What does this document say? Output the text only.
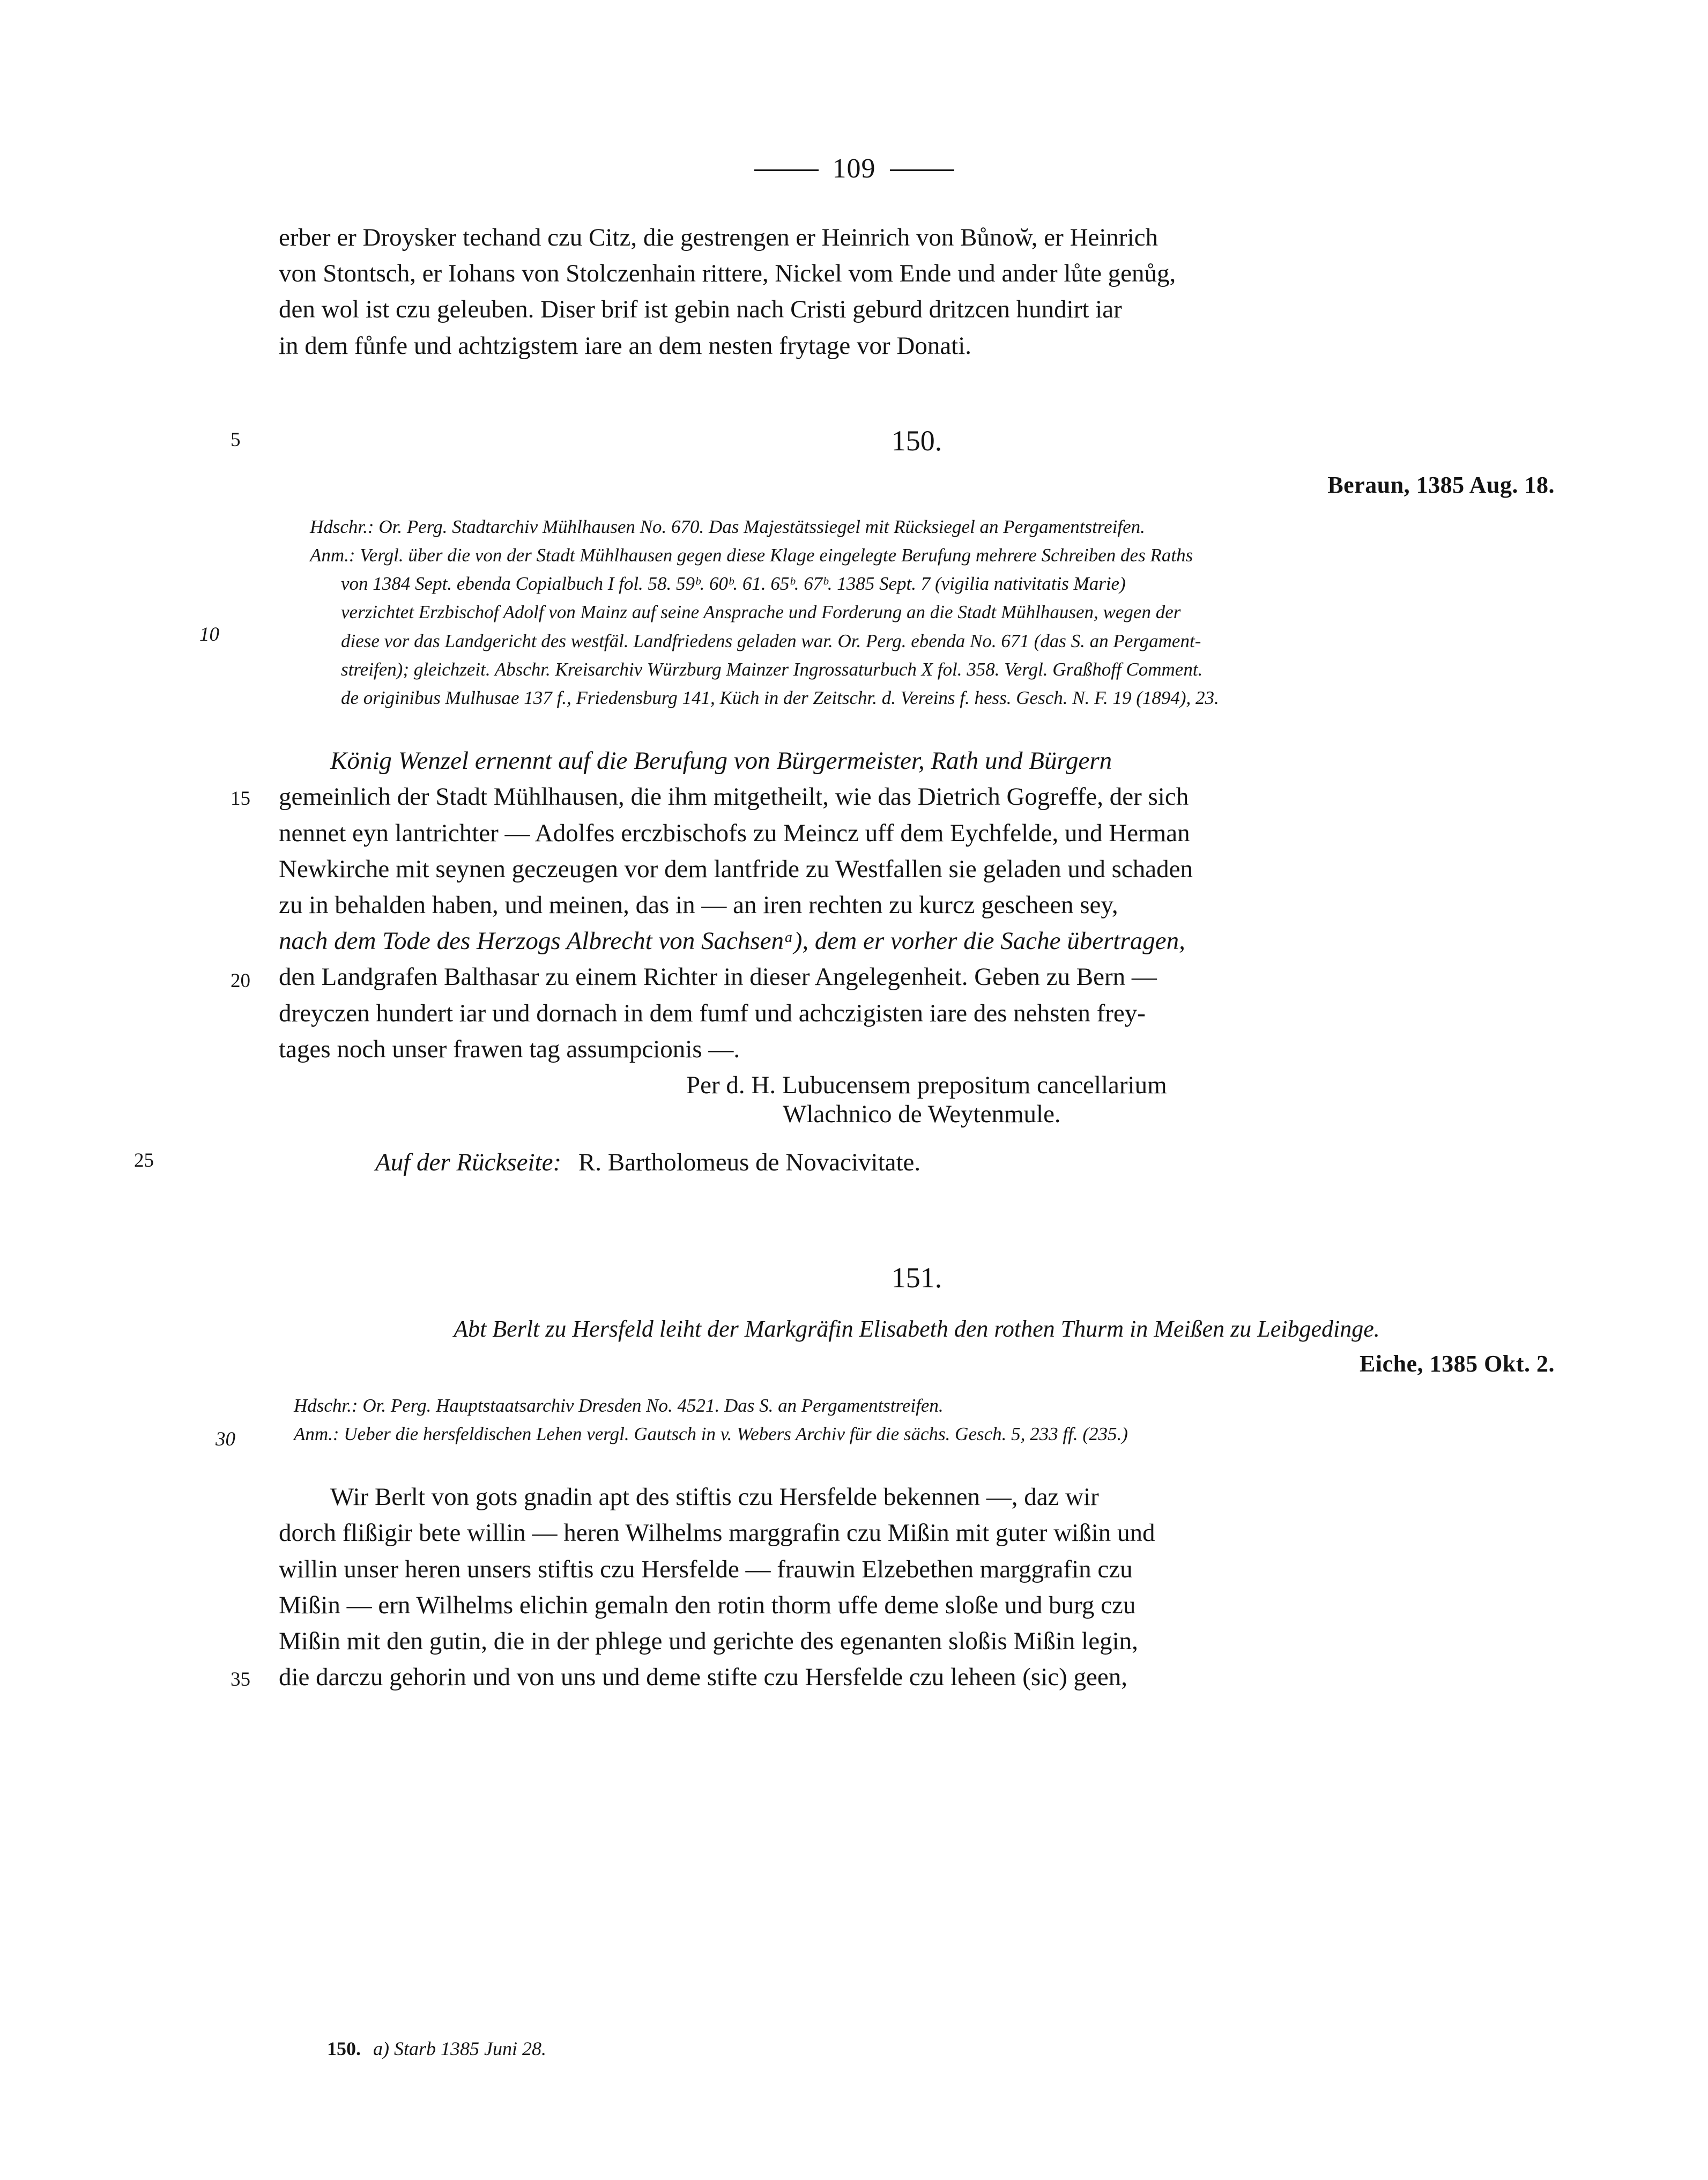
109

erber er Droysker techand czu Citz, die gestrengen er Heinrich von Bůnow̆, er Heinrich

von Stontsch, er Iohans von Stolczenhain rittere, Nickel vom Ende und ander lůte genůg,

den wol ist czu geleuben. Diser brif ist gebin nach Cristi geburd dritzcen hundirt iar

in dem fůnfe und achtzigstem iare an dem nesten frytage vor Donati.

5	150.
Beraun, 1385 Aug. 18.
10
Hdschr.: Or. Perg. Stadtarchiv Mühlhausen No. 670. Das Majestätssiegel mit Rücksiegel an Pergamentstreifen.
Anm.: Vergl. über die von der Stadt Mühlhausen gegen diese Klage eingelegte Berufung mehrere Schreiben des Raths
von 1384 Sept. ebenda Copialbuch I fol. 58. 59ᵇ. 60ᵇ. 61. 65ᵇ. 67ᵇ. 1385 Sept. 7 (vigilia nativitatis Marie)
verzichtet Erzbischof Adolf von Mainz auf seine Ansprache und Forderung an die Stadt Mühlhausen, wegen der
diese vor das Landgericht des westfäl. Landfriedens geladen war. Or. Perg. ebenda No. 671 (das S. an Pergament-
streifen); gleichzeit. Abschr. Kreisarchiv Würzburg Mainzer Ingrossaturbuch X fol. 358. Vergl. Graßhoff Comment.
de originibus Mulhusae 137 f., Friedensburg 141, Küch in der Zeitschr. d. Vereins f. hess. Gesch. N. F. 19 (1894), 23.
15
20

König Wenzel ernennt auf die Berufung von Bürgermeister, Rath und Bürgern

gemeinlich der Stadt Mühlhausen, die ihm mitgetheilt, wie das Dietrich Gogreffe, der sich

nennet eyn lantrichter — Adolfes erczbischofs zu Meincz uff dem Eychfelde, und Herman

Newkirche mit seynen geczeugen vor dem lantfride zu Westfallen sie geladen und schaden

zu in behalden haben, und meinen, das in — an iren rechten zu kurcz gescheen sey,

nach dem Tode des Herzogs Albrecht von Sachsenᵃ), dem er vorher die Sache übertragen,

den Landgrafen Balthasar zu einem Richter in dieser Angelegenheit. Geben zu Bern —

dreyczen hundert iar und dornach in dem fumf und achczigisten iare des nehsten frey-

tages noch unser frawen tag assumpcionis —.

Per d. H. Lubucensem prepositum cancellarium
Wlachnico de Weytenmule.
25	Auf der Rückseite: R. Bartholomeus de Novacivitate.
151.
Abt Berlt zu Hersfeld leiht der Markgräfin Elisabeth den rothen Thurm in Meißen zu Leibgedinge.
Eiche, 1385 Okt. 2.
30
Hdschr.: Or. Perg. Hauptstaatsarchiv Dresden No. 4521. Das S. an Pergamentstreifen.
Anm.: Ueber die hersfeldischen Lehen vergl. Gautsch in v. Webers Archiv für die sächs. Gesch. 5, 233 ff. (235.)
35

Wir Berlt von gots gnadin apt des stiftis czu Hersfelde bekennen —, daz wir

dorch flißigir bete willin — heren Wilhelms marggrafin czu Mißin mit guter wißin und

willin unser heren unsers stiftis czu Hersfelde — frauwin Elzebethen marggrafin czu

Mißin — ern Wilhelms elichin gemaln den rotin thorm uffe deme sloße und burg czu

Mißin mit den gutin, die in der phlege und gerichte des egenanten sloßis Mißin legin,

die darczu gehorin und von uns und deme stifte czu Hersfelde czu leheen (sic) geen,

150. a) Starb 1385 Juni 28.
